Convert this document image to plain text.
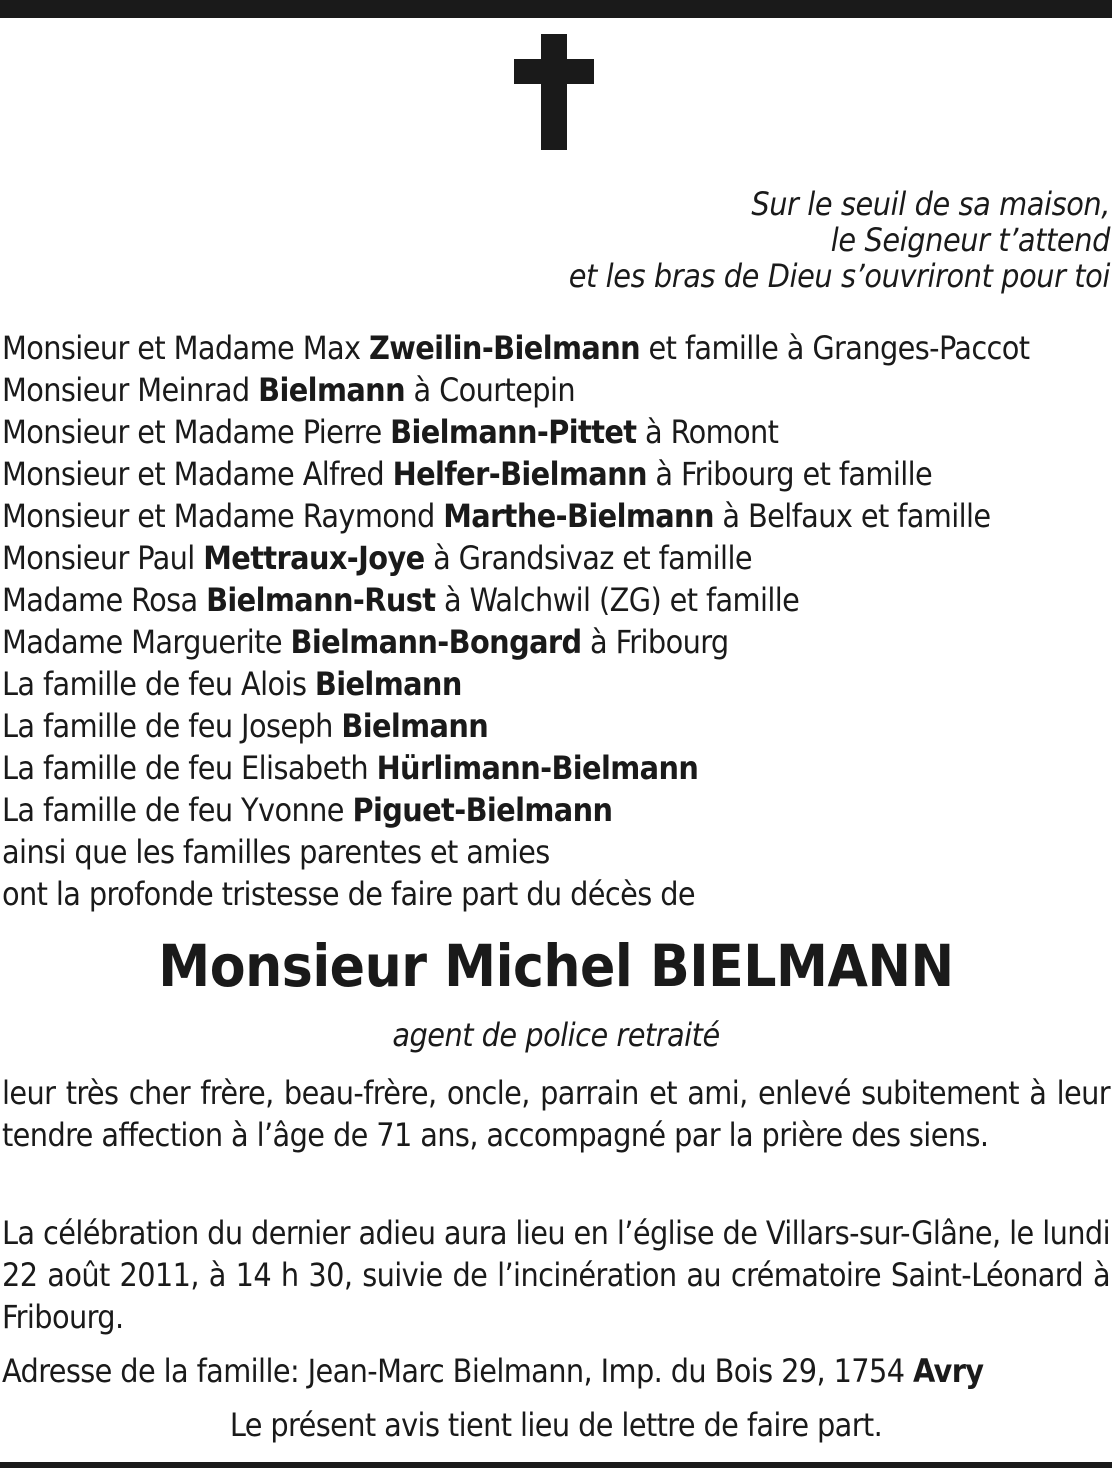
Sur le seuil de sa maison,
le Seigneur t’attend
et les bras de Dieu s’ouvriront pour toi
Monsieur et Madame Max Zweilin-Bielmann et famille à Granges-Paccot
Monsieur Meinrad Bielmann à Courtepin
Monsieur et Madame Pierre Bielmann-Pittet à Romont
Monsieur et Madame Alfred Helfer-Bielmann à Fribourg et famille
Monsieur et Madame Raymond Marthe-Bielmann à Belfaux et famille
Monsieur Paul Mettraux-Joye à Grandsivaz et famille
Madame Rosa Bielmann-Rust à Walchwil (ZG) et famille
Madame Marguerite Bielmann-Bongard à Fribourg
La famille de feu Alois Bielmann
La famille de feu Joseph Bielmann
La famille de feu Elisabeth Hürlimann-Bielmann
La famille de feu Yvonne Piguet-Bielmann
ainsi que les familles parentes et amies
ont la profonde tristesse de faire part du décès de
Monsieur Michel BIELMANN
agent de police retraité
leur très cher frère, beau-frère, oncle, parrain et ami, enlevé subitement à leur tendre affection à l’âge de 71 ans, accompagné par la prière des siens.
La célébration du dernier adieu aura lieu en l’église de Villars-sur-Glâne, le lundi 22 août 2011, à 14 h 30, suivie de l’incinération au crématoire Saint-Léonard à Fribourg.
Adresse de la famille: Jean-Marc Bielmann, Imp. du Bois 29, 1754 Avry
Le présent avis tient lieu de lettre de faire part.
